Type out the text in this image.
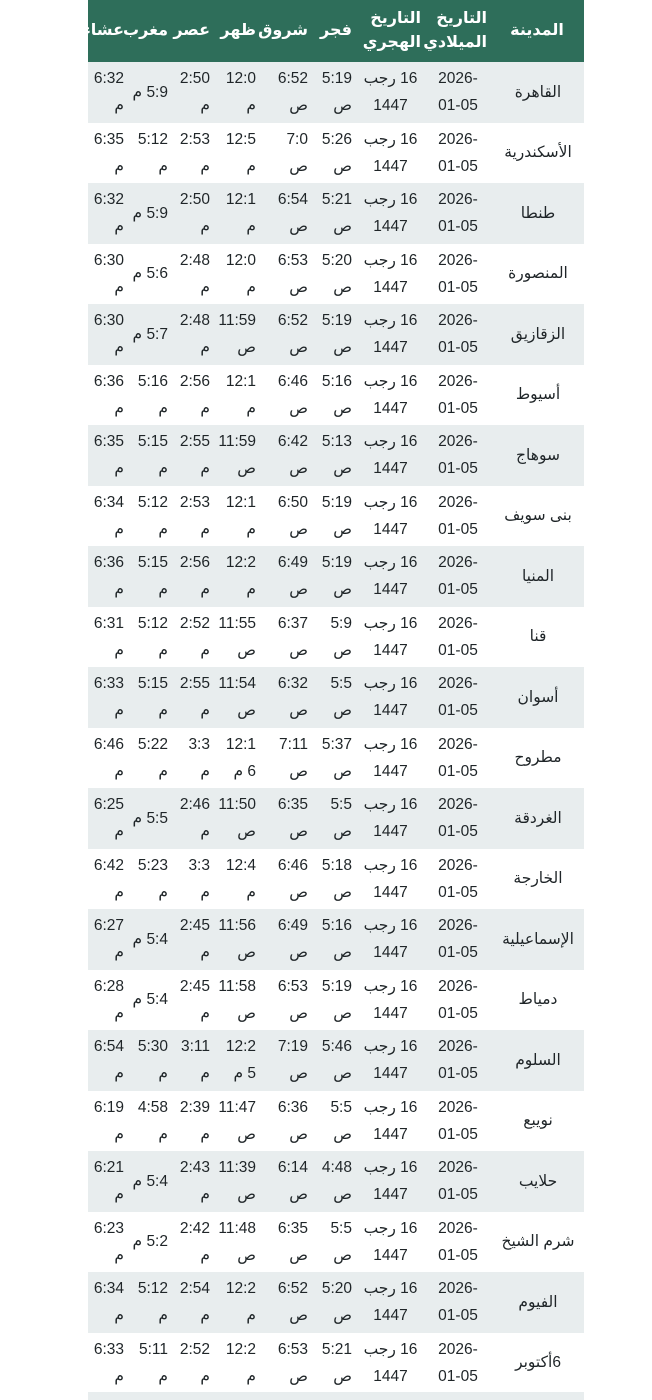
المدينة	التاريخ الميلادي	التاريخ الهجري	فجر	شروق	ظهر	عصر	مغرب	عشاء
القاهرة	2026-01-05	16 رجب 1447	5:19 ص	6:52 ص	12:0 م	2:50 م	5:9 م	6:32 م
الأسكندرية	2026-01-05	16 رجب 1447	5:26 ص	7:0 ص	12:5 م	2:53 م	5:12 م	6:35 م
طنطا	2026-01-05	16 رجب 1447	5:21 ص	6:54 ص	12:1 م	2:50 م	5:9 م	6:32 م
المنصورة	2026-01-05	16 رجب 1447	5:20 ص	6:53 ص	12:0 م	2:48 م	5:6 م	6:30 م
الزقازيق	2026-01-05	16 رجب 1447	5:19 ص	6:52 ص	11:59 ص	2:48 م	5:7 م	6:30 م
أسيوط	2026-01-05	16 رجب 1447	5:16 ص	6:46 ص	12:1 م	2:56 م	5:16 م	6:36 م
سوهاج	2026-01-05	16 رجب 1447	5:13 ص	6:42 ص	11:59 ص	2:55 م	5:15 م	6:35 م
بنى سويف	2026-01-05	16 رجب 1447	5:19 ص	6:50 ص	12:1 م	2:53 م	5:12 م	6:34 م
المنيا	2026-01-05	16 رجب 1447	5:19 ص	6:49 ص	12:2 م	2:56 م	5:15 م	6:36 م
قنا	2026-01-05	16 رجب 1447	5:9 ص	6:37 ص	11:55 ص	2:52 م	5:12 م	6:31 م
أسوان	2026-01-05	16 رجب 1447	5:5 ص	6:32 ص	11:54 ص	2:55 م	5:15 م	6:33 م
مطروح	2026-01-05	16 رجب 1447	5:37 ص	7:11 ص	12:16 م	3:3 م	5:22 م	6:46 م
الغردقة	2026-01-05	16 رجب 1447	5:5 ص	6:35 ص	11:50 ص	2:46 م	5:5 م	6:25 م
الخارجة	2026-01-05	16 رجب 1447	5:18 ص	6:46 ص	12:4 م	3:3 م	5:23 م	6:42 م
الإسماعيلية	2026-01-05	16 رجب 1447	5:16 ص	6:49 ص	11:56 ص	2:45 م	5:4 م	6:27 م
دمياط	2026-01-05	16 رجب 1447	5:19 ص	6:53 ص	11:58 ص	2:45 م	5:4 م	6:28 م
السلوم	2026-01-05	16 رجب 1447	5:46 ص	7:19 ص	12:25 م	3:11 م	5:30 م	6:54 م
نويبع	2026-01-05	16 رجب 1447	5:5 ص	6:36 ص	11:47 ص	2:39 م	4:58 م	6:19 م
حلايب	2026-01-05	16 رجب 1447	4:48 ص	6:14 ص	11:39 ص	2:43 م	5:4 م	6:21 م
شرم الشيخ	2026-01-05	16 رجب 1447	5:5 ص	6:35 ص	11:48 ص	2:42 م	5:2 م	6:23 م
الفيوم	2026-01-05	16 رجب 1447	5:20 ص	6:52 ص	12:2 م	2:54 م	5:12 م	6:34 م
6أكتوبر	2026-01-05	16 رجب 1447	5:21 ص	6:53 ص	12:2 م	2:52 م	5:11 م	6:33 م
